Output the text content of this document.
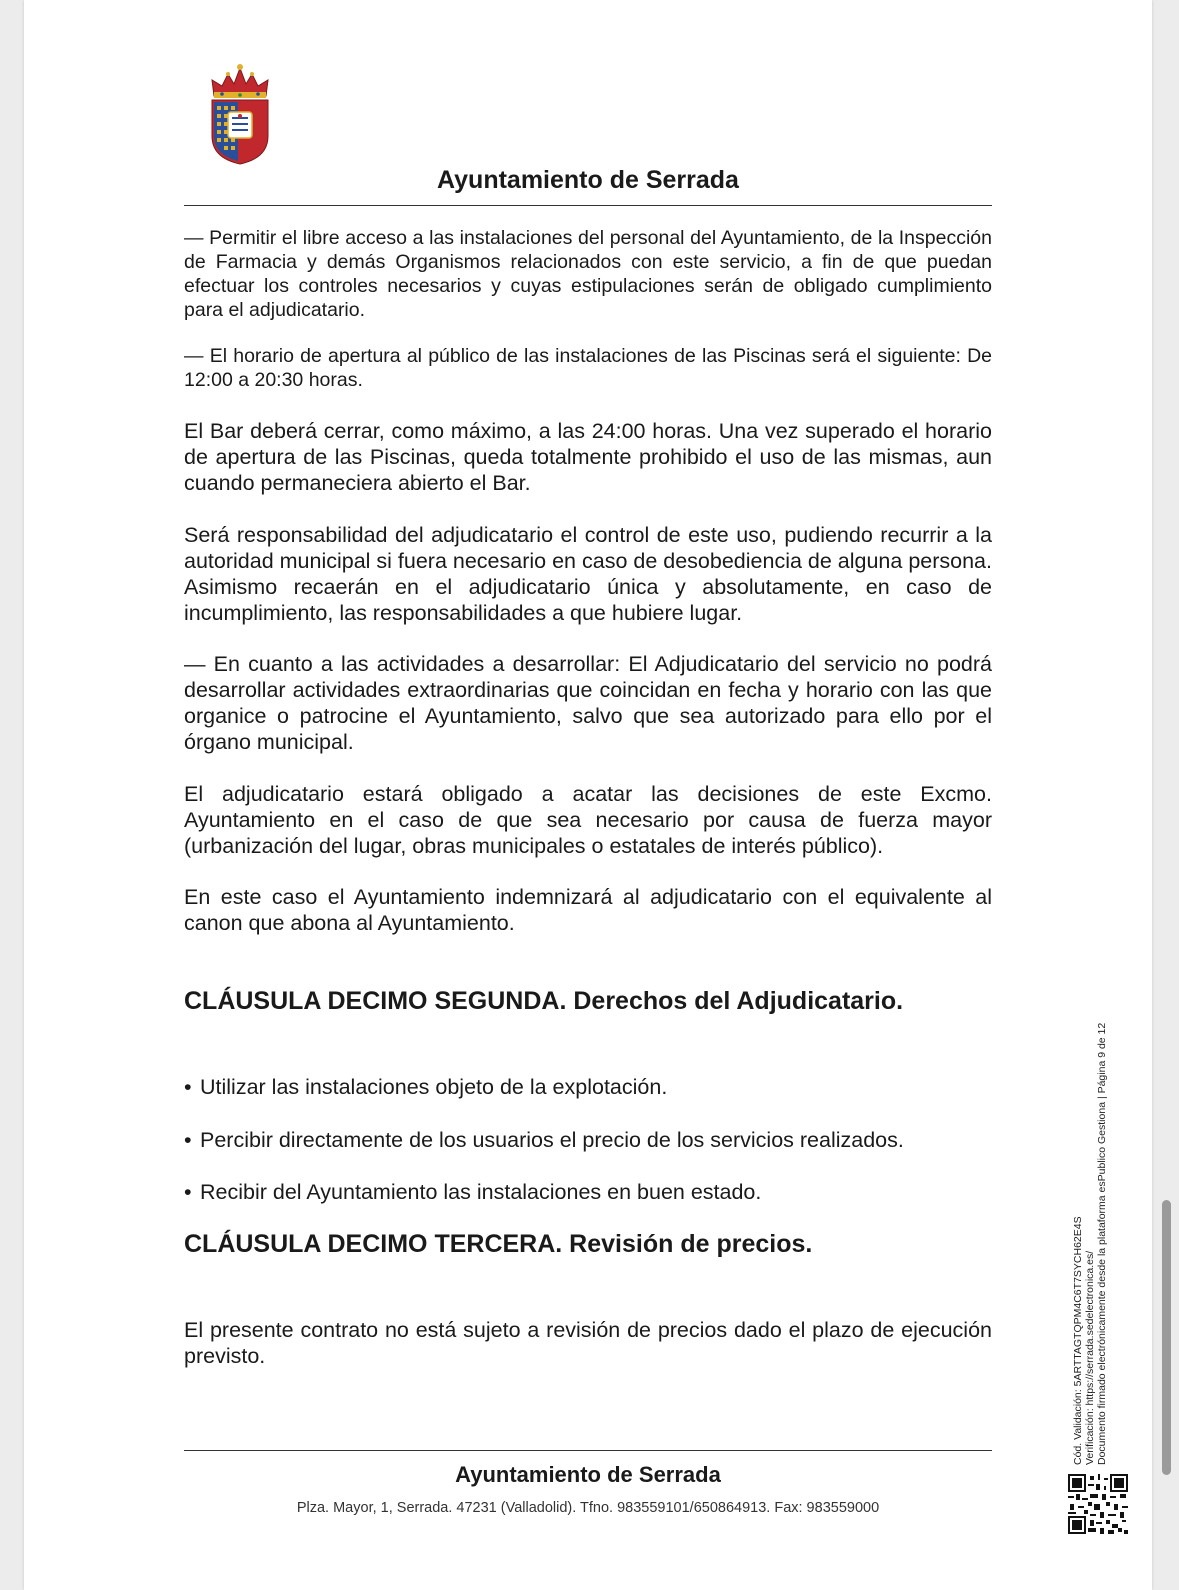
Ayuntamiento de Serrada

— Permitir el libre acceso a las instalaciones del personal del Ayuntamiento, de la Inspección de Farmacia y demás Organismos relacionados con este servicio, a fin de que puedan efectuar los controles necesarios y cuyas estipulaciones serán de obligado cumplimiento para el adjudicatario.

— El horario de apertura al público de las instalaciones de las Piscinas será el siguiente: De 12:00 a 20:30 horas.

El Bar deberá cerrar, como máximo, a las 24:00 horas. Una vez superado el horario de apertura de las Piscinas, queda totalmente prohibido el uso de las mismas, aun cuando permaneciera abierto el Bar.

Será responsabilidad del adjudicatario el control de este uso, pudiendo recurrir a la autoridad municipal si fuera necesario en caso de desobediencia de alguna persona. Asimismo recaerán en el adjudicatario única y absolutamente, en caso de incumplimiento, las responsabilidades a que hubiere lugar.

— En cuanto a las actividades a desarrollar: El Adjudicatario del servicio no podrá desarrollar actividades extraordinarias que coincidan en fecha y horario con las que organice o patrocine el Ayuntamiento, salvo que sea autorizado para ello por el órgano municipal.

El adjudicatario estará obligado a acatar las decisiones de este Excmo. Ayuntamiento en el caso de que sea necesario por causa de fuerza mayor (urbanización del lugar, obras municipales o estatales de interés público).

En este caso el Ayuntamiento indemnizará al adjudicatario con el equivalente al canon que abona al Ayuntamiento.

CLÁUSULA DECIMO SEGUNDA. Derechos del Adjudicatario.

• Utilizar las instalaciones objeto de la explotación.

• Percibir directamente de los usuarios el precio de los servicios realizados.

• Recibir del Ayuntamiento las instalaciones en buen estado.

CLÁUSULA DECIMO TERCERA. Revisión de precios.

El presente contrato no está sujeto a revisión de precios dado el plazo de ejecución previsto.

Ayuntamiento de Serrada
Plza. Mayor, 1, Serrada. 47231 (Valladolid). Tfno. 983559101/650864913. Fax: 983559000
Cód. Validación: 5ARTTAGTQPM4C6T7SYCH62E4S Verificación: https://serrada.sedelectronica.es/ Documento firmado electrónicamente desde la plataforma esPublico Gestiona | Página 9 de 12
